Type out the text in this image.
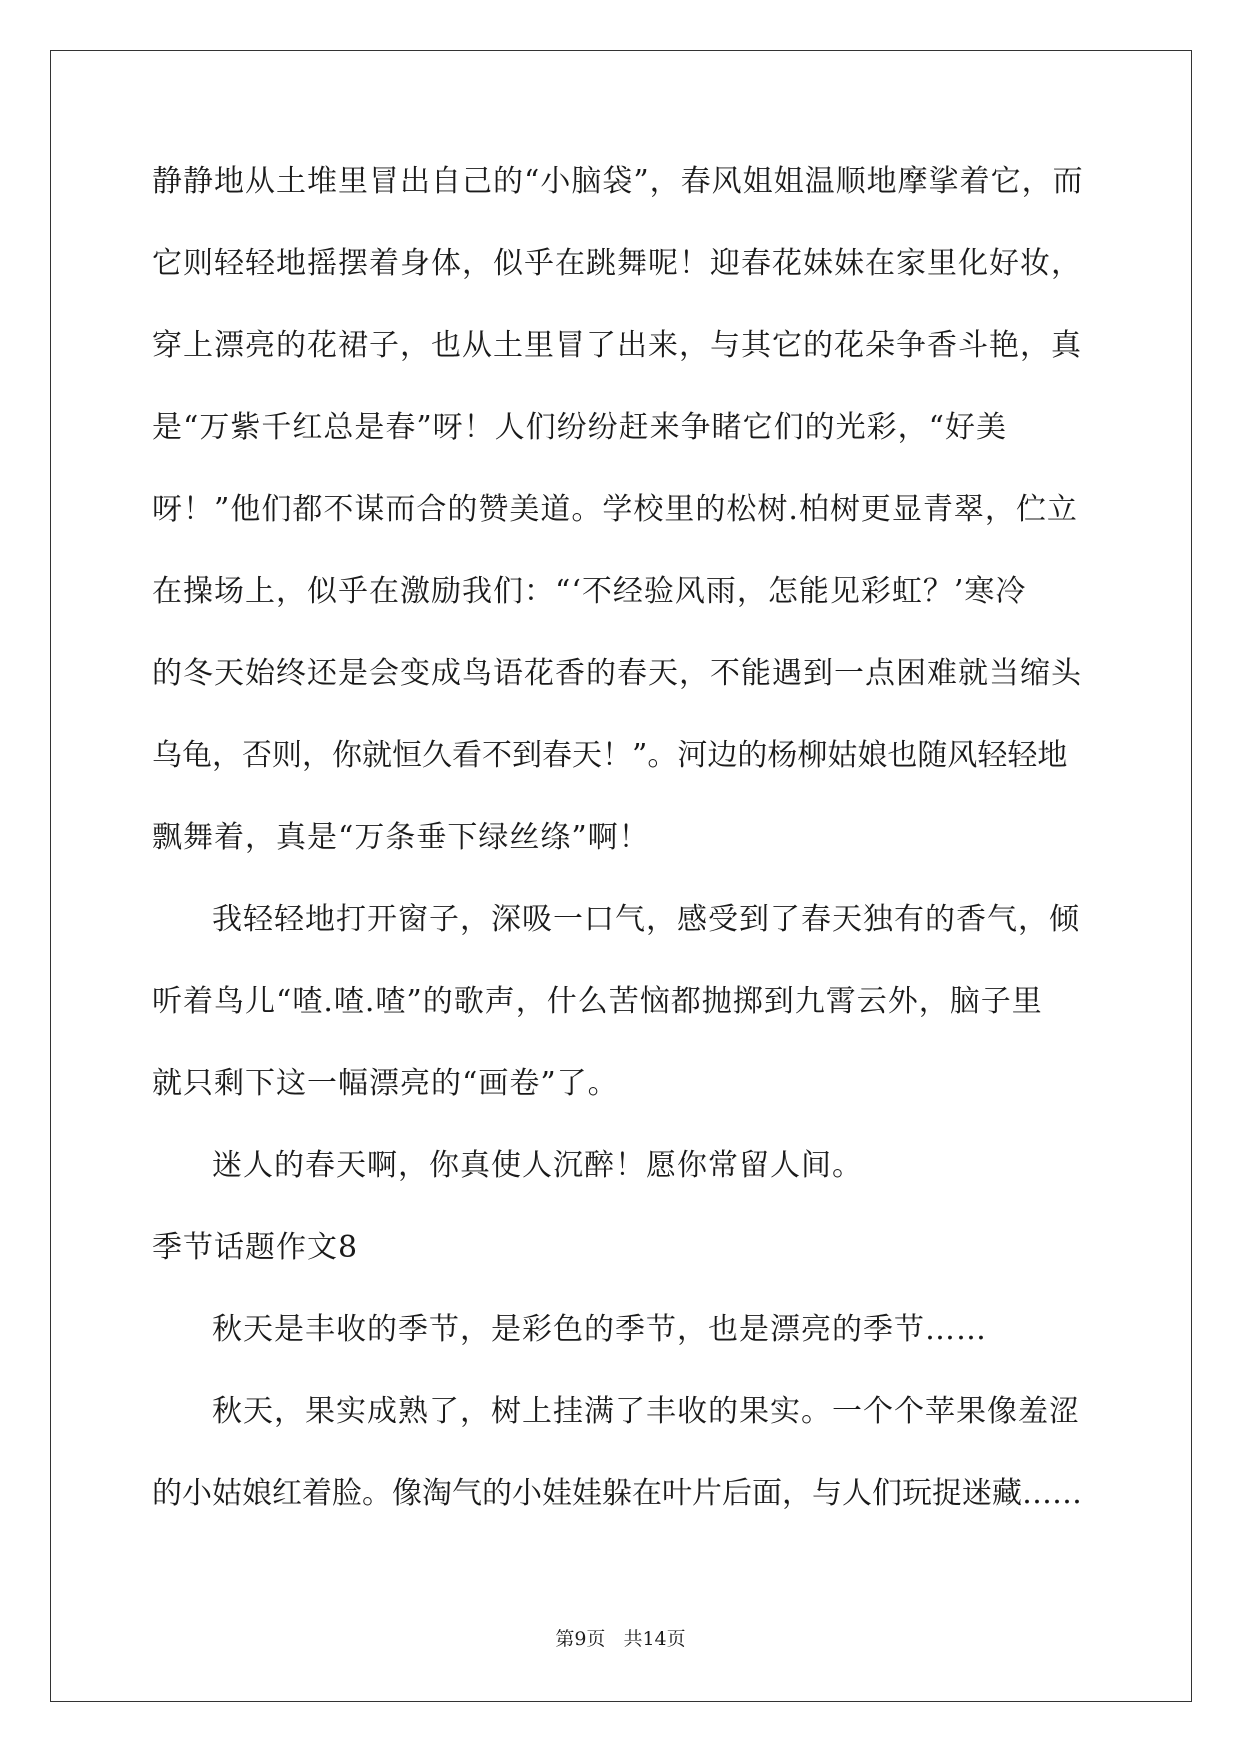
静静地从土堆里冒出自己的“小脑袋”，春风姐姐温顺地摩挲着它，而
它则轻轻地摇摆着身体，似乎在跳舞呢！迎春花妹妹在家里化好妆，
穿上漂亮的花裙子，也从土里冒了出来，与其它的花朵争香斗艳，真
是“万紫千红总是春”呀！人们纷纷赶来争睹它们的光彩，“好美
呀！”他们都不谋而合的赞美道。学校里的松树.柏树更显青翠，伫立
在操场上，似乎在激励我们：“‘不经验风雨，怎能见彩虹？’寒冷
的冬天始终还是会变成鸟语花香的春天，不能遇到一点困难就当缩头
乌龟，否则，你就恒久看不到春天！”。河边的杨柳姑娘也随风轻轻地
飘舞着，真是“万条垂下绿丝绦”啊！
我轻轻地打开窗子，深吸一口气，感受到了春天独有的香气，倾
听着鸟儿“喳.喳.喳”的歌声，什么苦恼都抛掷到九霄云外，脑子里
就只剩下这一幅漂亮的“画卷”了。
迷人的春天啊，你真使人沉醉！愿你常留人间。
季节话题作文8
秋天是丰收的季节，是彩色的季节，也是漂亮的季节……
秋天，果实成熟了，树上挂满了丰收的果实。一个个苹果像羞涩
的小姑娘红着脸。像淘气的小娃娃躲在叶片后面，与人们玩捉迷藏……
第9页 共14页
